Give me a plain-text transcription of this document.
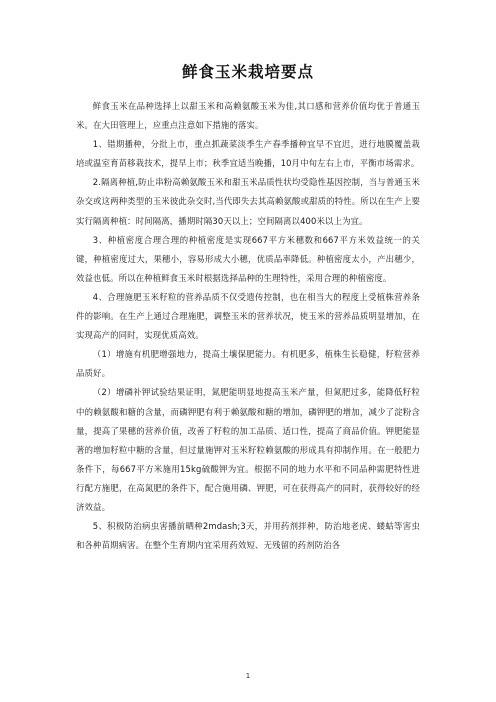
鲜食玉米栽培要点

鲜食玉米在品种选择上以甜玉米和高赖氨酸玉米为佳,其口感和营养价值均优于普通玉米。在大田管理上，应重点注意如下措施的落实。

1、错期播种，分批上市，重点抓蔬菜淡季生产春季播种宜早不宜迟，进行地膜覆盖栽培或温室育苗移栽技术，提早上市；秋季宜适当晚播，10月中旬左右上市，平衡市场需求。

2.隔离种植,防止串粉高赖氨酸玉米和甜玉米品质性状均受隐性基因控制，当与普通玉米杂交或这两种类型的玉米彼此杂交时,当代即失去其高赖氨酸或甜质的特性。所以在生产上要实行隔离种植：时间隔离，播期时隔30天以上；空间隔离以400米以上为宜。

3、种植密度合理合理的种植密度是实现667平方米穗数和667平方米效益统一的关键，种植密度过大，果穗小，容易形成大小穗，优质品率降低。种植密度太小，产出穗少，效益也低。所以在种植鲜食玉米时根据选择品种的生理特性，采用合理的种植密度。

4、合理施肥玉米籽粒的营养品质不仅受遗传控制，也在相当大的程度上受植株营养条件的影响。在生产上通过合理施肥，调整玉米的营养状况，使玉米的营养品质明显增加，在实现高产的同时，实现优质高效。

（1）增施有机肥增强地力，提高土壤保肥能力。有机肥多，植株生长稳健，籽粒营养品质好。

（2）增磷补钾试验结果证明，氮肥能明显地提高玉米产量，但氮肥过多，能降低籽粒中的赖氨酸和糖的含量，而磷钾肥有利于赖氨酸和糖的增加，磷钾肥的增加，减少了淀粉含量，提高了果穗的营养价值，改善了籽粒的加工品质、适口性，提高了商品价值。钾肥能显著的增加籽粒中糖的含量，但过量施钾对玉米籽粒赖氨酸的形成具有抑制作用。在一般肥力条件下，每667平方米施用15kg硫酸钾为宜。根据不同的地力水平和不同品种需肥特性进行配方施肥，在高氮肥的条件下，配合施用磷、钾肥，可在获得高产的同时，获得较好的经济效益。

5、积极防治病虫害播前晒种2mdash;3天，并用药剂拌种，防治地老虎、蝼蛄等害虫和各种苗期病害。在整个生育期内宜采用药效短、无残留的药剂防治各

1
